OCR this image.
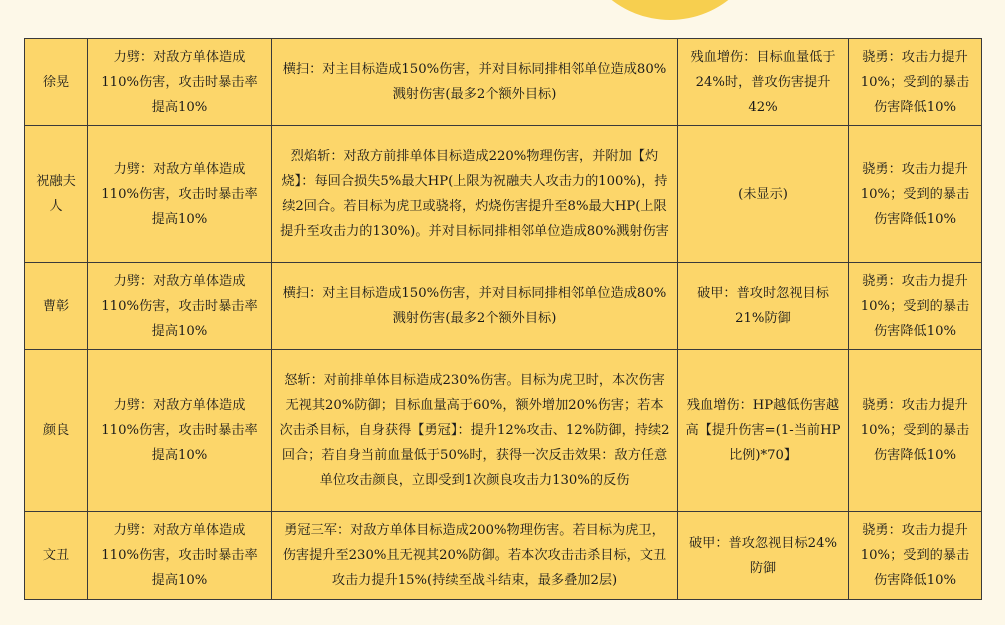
徐晃	力劈：对敌方单体造成110%伤害，攻击时暴击率提高10%	横扫：对主目标造成150%伤害，并对目标同排相邻单位造成80%溅射伤害(最多2个额外目标)	残血增伤：目标血量低于24%时，普攻伤害提升42%	骁勇：攻击力提升10%；受到的暴击伤害降低10%
祝融夫人	力劈：对敌方单体造成110%伤害，攻击时暴击率提高10%	烈焰斩：对敌方前排单体目标造成220%物理伤害，并附加【灼烧】：每回合损失5%最大HP(上限为祝融夫人攻击力的100%)，持续2回合。若目标为虎卫或骁将，灼烧伤害提升至8%最大HP(上限提升至攻击力的130%)。并对目标同排相邻单位造成80%溅射伤害	(未显示)	骁勇：攻击力提升10%；受到的暴击伤害降低10%
曹彰	力劈：对敌方单体造成110%伤害，攻击时暴击率提高10%	横扫：对主目标造成150%伤害，并对目标同排相邻单位造成80%溅射伤害(最多2个额外目标)	破甲：普攻时忽视目标21%防御	骁勇：攻击力提升10%；受到的暴击伤害降低10%
颜良	力劈：对敌方单体造成110%伤害，攻击时暴击率提高10%	怒斩：对前排单体目标造成230%伤害。目标为虎卫时，本次伤害无视其20%防御；目标血量高于60%，额外增加20%伤害；若本次击杀目标，自身获得【勇冠】：提升12%攻击、12%防御，持续2回合；若自身当前血量低于50%时，获得一次反击效果：敌方任意单位攻击颜良，立即受到1次颜良攻击力130%的反伤	残血增伤：HP越低伤害越高【提升伤害=(1-当前HP比例)*70】	骁勇：攻击力提升10%；受到的暴击伤害降低10%
文丑	力劈：对敌方单体造成110%伤害，攻击时暴击率提高10%	勇冠三军：对敌方单体目标造成200%物理伤害。若目标为虎卫，伤害提升至230%且无视其20%防御。若本次攻击击杀目标，文丑攻击力提升15%(持续至战斗结束，最多叠加2层)	破甲：普攻忽视目标24%防御	骁勇：攻击力提升10%；受到的暴击伤害降低10%
